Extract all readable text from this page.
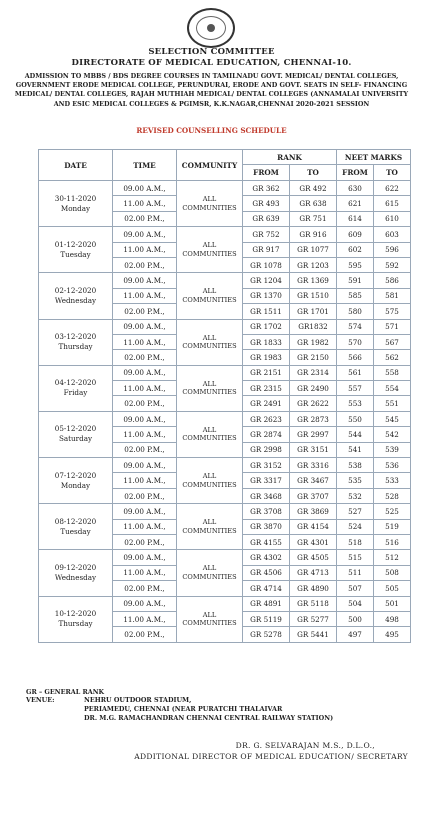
SELECTION COMMITTEE
DIRECTORATE OF MEDICAL EDUCATION, CHENNAI-10.
ADMISSION TO MBBS / BDS DEGREE COURSES IN TAMILNADU GOVT. MEDICAL/ DENTAL COLLEGES, GOVERNMENT ERODE MEDICAL COLLEGE, PERUNDURAI, ERODE AND GOVT. SEATS IN SELF- FINANCING MEDICAL/ DENTAL COLLEGES, RAJAH MUTHIAH MEDICAL/ DENTAL COLLEGES (ANNAMALAI UNIVERSITY AND ESIC MEDICAL COLLEGES & PGIMSR, K.K.NAGAR,CHENNAI 2020-2021 SESSION
REVISED COUNSELLING SCHEDULE
DATE	TIME	COMMUNITY	RANK		NEET MARKS	
			FROM	TO	FROM	TO

30-11-2020
Monday	09.00 A.M.,	ALL COMMUNITIES	GR 362	GR 492	630	622
	11.00 A.M.,		GR 493	GR 638	621	615
	02.00 P.M.,		GR 639	GR 751	614	610

01-12-2020
Tuesday	09.00 A.M.,	ALL COMMUNITIES	GR 752	GR 916	609	603
	11.00 A.M.,		GR 917	GR 1077	602	596
	02.00 P.M.,		GR 1078	GR 1203	595	592

02-12-2020
Wednesday	09.00 A.M.,	ALL COMMUNITIES	GR 1204	GR 1369	591	586
	11.00 A.M.,		GR 1370	GR 1510	585	581
	02.00 P.M.,		GR 1511	GR 1701	580	575

03-12-2020
Thursday	09.00 A.M.,	ALL COMMUNITIES	GR 1702	GR1832	574	571
	11.00 A.M.,		GR 1833	GR 1982	570	567
	02.00 P.M.,		GR 1983	GR 2150	566	562

04-12-2020
Friday	09.00 A.M.,	ALL COMMUNITIES	GR 2151	GR 2314	561	558
	11.00 A.M.,		GR 2315	GR 2490	557	554
	02.00 P.M.,		GR 2491	GR 2622	553	551

05-12-2020
Saturday	09.00 A.M.,	ALL COMMUNITIES	GR 2623	GR 2873	550	545
	11.00 A.M.,		GR 2874	GR 2997	544	542
	02.00 P.M.,		GR 2998	GR 3151	541	539

07-12-2020
Monday	09.00 A.M.,	ALL COMMUNITIES	GR 3152	GR 3316	538	536
	11.00 A.M.,		GR 3317	GR 3467	535	533
	02.00 P.M.,		GR 3468	GR 3707	532	528

08-12-2020
Tuesday	09.00 A.M.,	ALL COMMUNITIES	GR 3708	GR 3869	527	525
	11.00 A.M.,		GR 3870	GR 4154	524	519
	02.00 P.M.,		GR 4155	GR 4301	518	516

09-12-2020
Wednesday	09.00 A.M.,	ALL COMMUNITIES	GR 4302	GR 4505	515	512
	11.00 A.M.,		GR 4506	GR 4713	511	508
	02.00 P.M.,		GR 4714	GR 4890	507	505

10-12-2020
Thursday	09.00 A.M.,	ALL COMMUNITIES	GR 4891	GR 5118	504	501
	11.00 A.M.,		GR 5119	GR 5277	500	498
	02.00 P.M.,		GR 5278	GR 5441	497	495
GR – GENERAL RANK
VENUE:	NEHRU OUTDOOR STADIUM,
PERIAMEDU, CHENNAI (NEAR PURATCHI THALAIVAR
DR. M.G. RAMACHANDRAN CHENNAI CENTRAL RAILWAY STATION)
DR. G. SELVARAJAN M.S., D.L.O.,
ADDITIONAL DIRECTOR OF MEDICAL EDUCATION/ SECRETARY
